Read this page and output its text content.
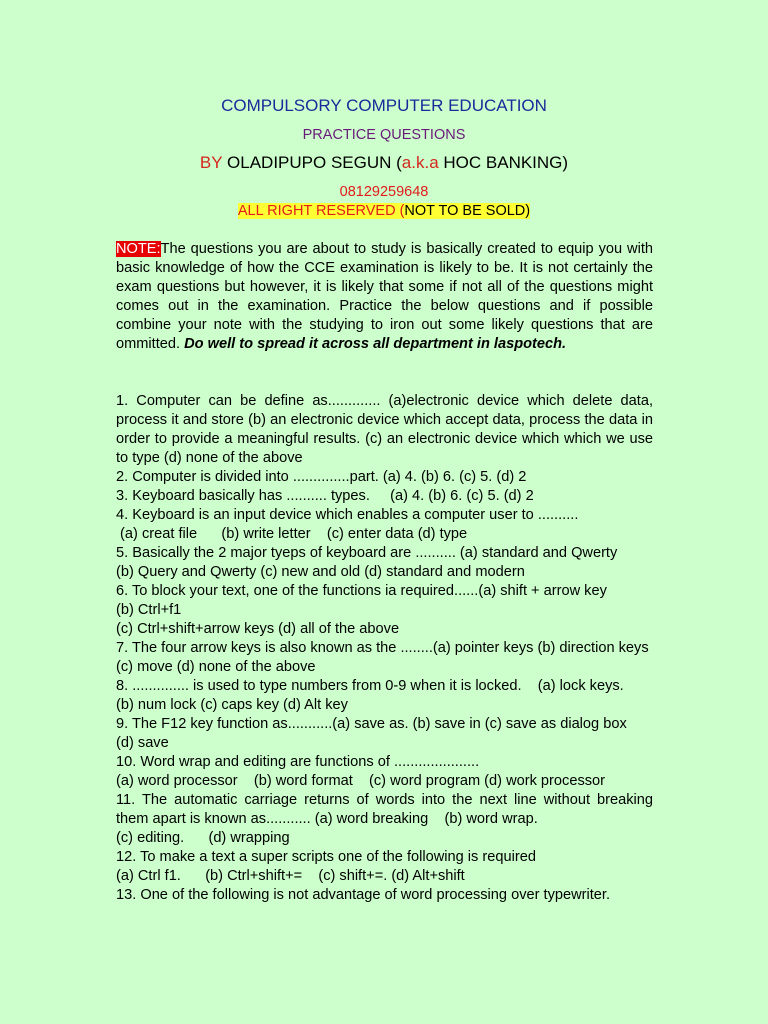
COMPULSORY COMPUTER EDUCATION
PRACTICE QUESTIONS
BY OLADIPUPO SEGUN (a.k.a HOC BANKING)
08129259648
ALL RIGHT RESERVED (NOT TO BE SOLD)
NOTE:The questions you are about to study is basically created to equip you with basic knowledge of how the CCE examination is likely to be. It is not certainly the exam questions but however, it is likely that some if not all of the questions might comes out in the examination. Practice the below questions and if possible combine your note with the studying to iron out some likely questions that are ommitted. Do well to spread it across all department in laspotech.

1. Computer can be define as............. (a)electronic device which delete data, process it and store (b) an electronic device which accept data, process the data in order to provide a meaningful results. (c) an electronic device which which we use to type (d) none of the above

2. Computer is divided into ..............part. (a) 4. (b) 6. (c) 5. (d) 2

3. Keyboard basically has .......... types.     (a) 4. (b) 6. (c) 5. (d) 2

4. Keyboard is an input device which enables a computer user to ..........

(a) creat file      (b) write letter    (c) enter data (d) type

5. Basically the 2 major tyeps of keyboard are .......... (a) standard and Qwerty

(b) Query and Qwerty (c) new and old (d) standard and modern

6. To block your text, one of the functions ia required......(a) shift + arrow key

(b) Ctrl+f1

(c) Ctrl+shift+arrow keys (d) all of the above

7. The four arrow keys is also known as the ........(a) pointer keys (b) direction keys

(c) move (d) none of the above

8. .............. is used to type numbers from 0-9 when it is locked.    (a) lock keys.

(b) num lock (c) caps key (d) Alt key

9. The F12 key function as...........(a) save as. (b) save in (c) save as dialog box

(d) save

10. Word wrap and editing are functions of .....................

(a) word processor    (b) word format    (c) word program (d) work processor

11. The automatic carriage returns of words into the next line without breaking them apart is known as........... (a) word breaking    (b) word wrap.

(c) editing.      (d) wrapping

12. To make a text a super scripts one of the following is required

(a) Ctrl f1.      (b) Ctrl+shift+=    (c) shift+=. (d) Alt+shift

13. One of the following is not advantage of word processing over typewriter.
